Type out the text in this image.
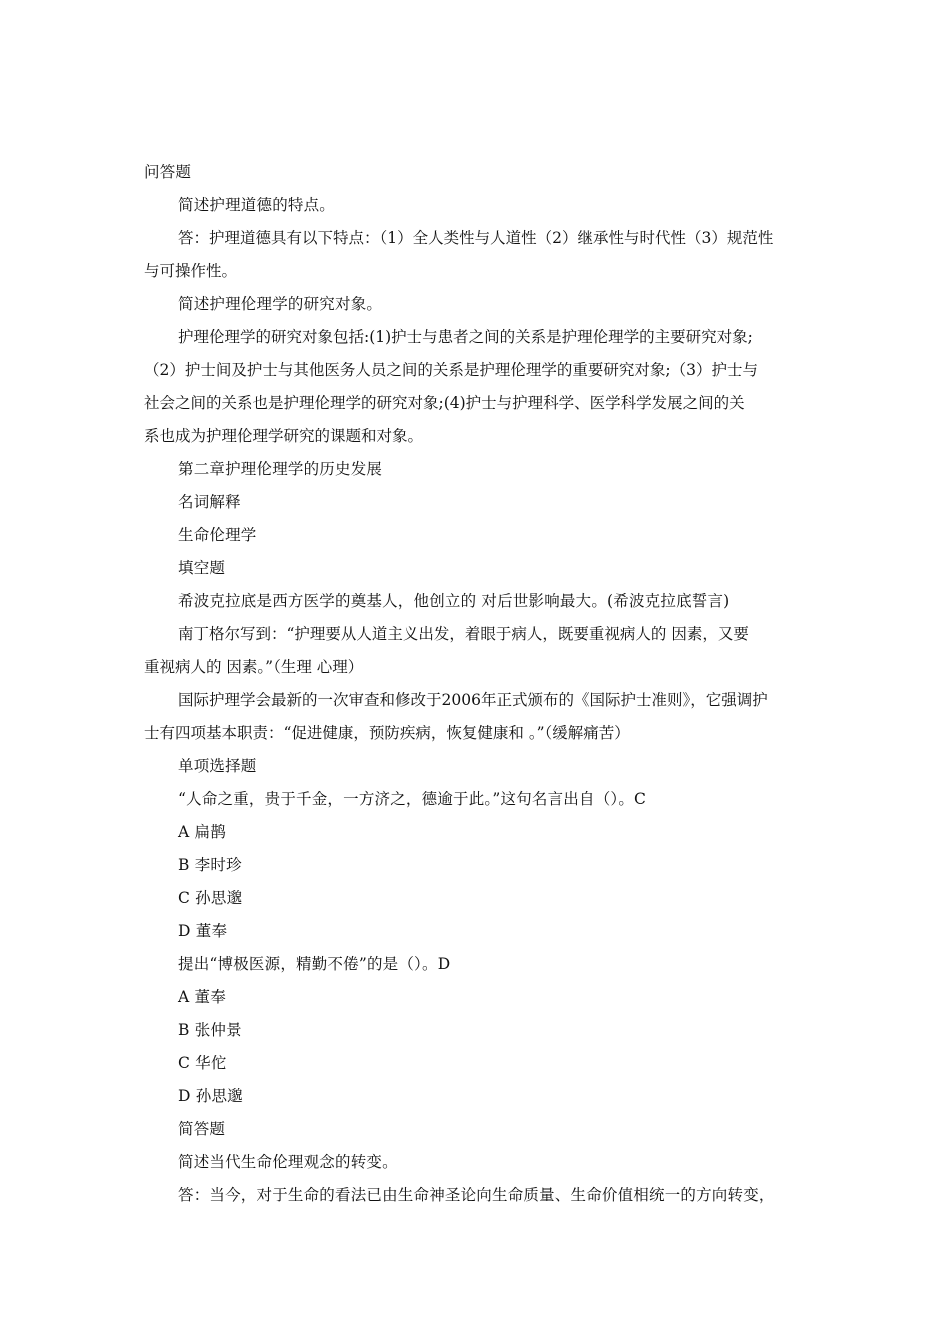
问答题
简述护理道德的特点。
答：护理道德具有以下特点：（1）全人类性与人道性（2）继承性与时代性（3）规范性
与可操作性。
简述护理伦理学的研究对象。
护理伦理学的研究对象包括:(1)护士与患者之间的关系是护理伦理学的主要研究对象;
（2）护士间及护士与其他医务人员之间的关系是护理伦理学的重要研究对象;（3）护士与
社会之间的关系也是护理伦理学的研究对象;(4)护士与护理科学、医学科学发展之间的关
系也成为护理伦理学研究的课题和对象。
第二章护理伦理学的历史发展
名词解释
生命伦理学
填空题
希波克拉底是西方医学的奠基人，他创立的 对后世影响最大。(希波克拉底誓言)
南丁格尔写到：“护理要从人道主义出发，着眼于病人，既要重视病人的 因素，又要
重视病人的 因素。”（生理 心理）
国际护理学会最新的一次审查和修改于2006年正式颁布的《国际护士准则》，它强调护
士有四项基本职责：“促进健康，预防疾病，恢复健康和 。”（缓解痛苦）
单项选择题
“人命之重，贵于千金，一方济之，德逾于此。”这句名言出自（）。C
A 扁鹊
B 李时珍
C 孙思邈
D 董奉
提出“博极医源，精勤不倦”的是（）。D
A 董奉
B 张仲景
C 华佗
D 孙思邈
简答题
简述当代生命伦理观念的转变。
答：当今，对于生命的看法已由生命神圣论向生命质量、生命价值相统一的方向转变，
